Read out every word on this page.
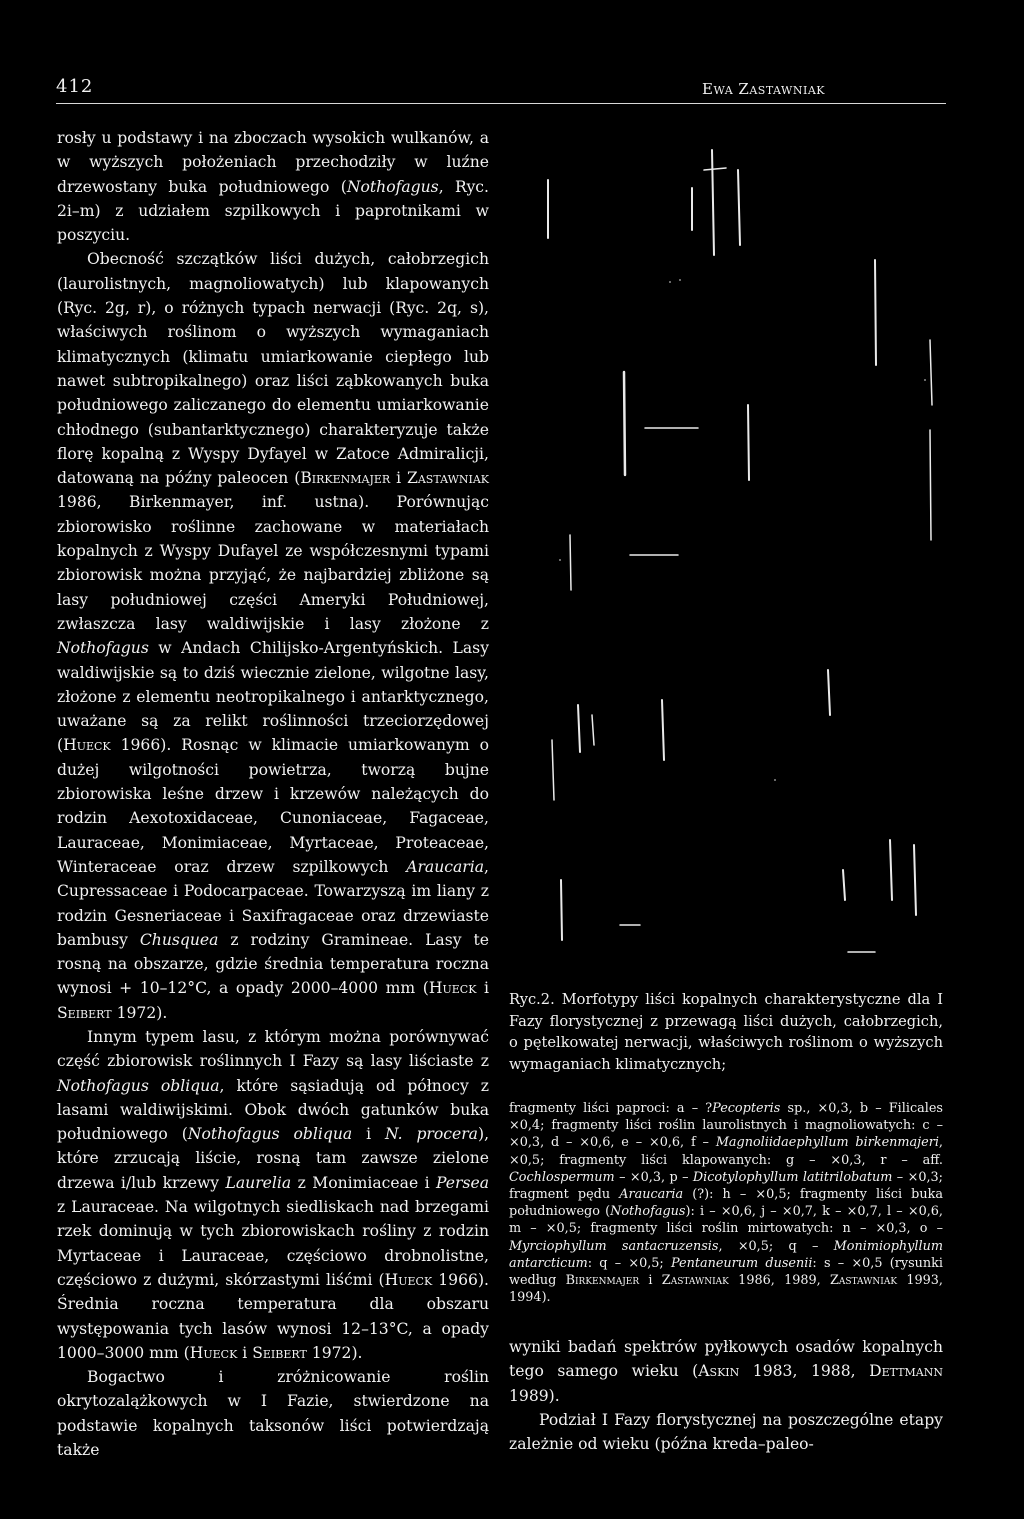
412	Ewa Zastawniak

rosły u podstawy i na zboczach wysokich wulkanów, a w wyższych położeniach przechodziły w luźne drzewostany buka południowego (Nothofagus, Ryc. 2i–m) z udziałem szpilkowych i paprotnikami w poszyciu.

Obecność szczątków liści dużych, całobrzegich (laurolistnych, magnoliowatych) lub klapowanych (Ryc. 2g, r), o różnych typach nerwacji (Ryc. 2q, s), właściwych roślinom o wyższych wymaganiach klimatycznych (klimatu umiarkowanie ciepłego lub nawet subtropikalnego) oraz liści ząbkowanych buka południowego zaliczanego do elementu umiarkowanie chłodnego (subantarktycznego) charakteryzuje także florę kopalną z Wyspy Dyfayel w Zatoce Admiralicji, datowaną na późny paleocen (Birkenmajer i Zastawniak 1986, Birkenmayer, inf. ustna). Porównując zbiorowisko roślinne zachowane w materiałach kopalnych z Wyspy Dufayel ze współczesnymi typami zbiorowisk można przyjąć, że najbardziej zbliżone są lasy południowej części Ameryki Południowej, zwłaszcza lasy waldiwijskie i lasy złożone z Nothofagus w Andach Chilijsko-Argentyńskich. Lasy waldiwijskie są to dziś wiecznie zielone, wilgotne lasy, złożone z elementu neotropikalnego i antarktycznego, uważane są za relikt roślinności trzeciorzędowej (Hueck 1966). Rosnąc w klimacie umiarkowanym o dużej wilgotności powietrza, tworzą bujne zbiorowiska leśne drzew i krzewów należących do rodzin Aexotoxidaceae, Cunoniaceae, Fagaceae, Lauraceae, Monimiaceae, Myrtaceae, Proteaceae, Winteraceae oraz drzew szpilkowych Araucaria, Cupressaceae i Podocarpaceae. Towarzyszą im liany z rodzin Gesneriaceae i Saxifragaceae oraz drzewiaste bambusy Chusquea z rodziny Gramineae. Lasy te rosną na obszarze, gdzie średnia temperatura roczna wynosi + 10–12°C, a opady 2000–4000 mm (Hueck i Seibert 1972).

Innym typem lasu, z którym można porównywać część zbiorowisk roślinnych I Fazy są lasy liściaste z Nothofagus obliqua, które sąsiadują od północy z lasami waldiwijskimi. Obok dwóch gatunków buka południowego (Nothofagus obliqua i N. procera), które zrzucają liście, rosną tam zawsze zielone drzewa i/lub krzewy Laurelia z Monimiaceae i Persea z Lauraceae. Na wilgotnych siedliskach nad brzegami rzek dominują w tych zbiorowiskach rośliny z rodzin Myrtaceae i Lauraceae, częściowo drobnolistne, częściowo z dużymi, skórzastymi liśćmi (Hueck 1966). Średnia roczna temperatura dla obszaru występowania tych lasów wynosi 12–13°C, a opady 1000–3000 mm (Hueck i Seibert 1972).

Bogactwo i zróżnicowanie roślin okrytozalążkowych w I Fazie, stwierdzone na podstawie kopalnych taksonów liści potwierdzają także

Ryc.2. Morfotypy liści kopalnych charakterystyczne dla I Fazy florystycznej z przewagą liści dużych, całobrzegich, o pętelkowatej nerwacji, właściwych roślinom o wyższych wymaganiach klimatycznych;
fragmenty liści paproci: a – ?Pecopteris sp., ×0,3, b – Filicales ×0,4; fragmenty liści roślin laurolistnych i magnoliowatych: c – ×0,3, d – ×0,6, e – ×0,6, f – Magnoliidaephyllum birkenmajeri, ×0,5; fragmenty liści klapowanych: g – ×0,3, r – aff. Cochlospermum – ×0,3, p – Dicotylophyllum latitrilobatum – ×0,3; fragment pędu Araucaria (?): h – ×0,5; fragmenty liści buka południowego (Nothofagus): i – ×0,6, j – ×0,7, k – ×0,7, l – ×0,6, m – ×0,5; fragmenty liści roślin mirtowatych: n – ×0,3, o – Myrciophyllum santacruzensis, ×0,5; q – Monimiophyllum antarcticum: q – ×0,5; Pentaneurum dusenii: s – ×0,5 (rysunki według Birkenmajer i Zastawniak 1986, 1989, Zastawniak 1993, 1994).

wyniki badań spektrów pyłkowych osadów kopalnych tego samego wieku (Askin 1983, 1988, Dettmann 1989).

Podział I Fazy florystycznej na poszczególne etapy zależnie od wieku (późna kreda–paleo-
